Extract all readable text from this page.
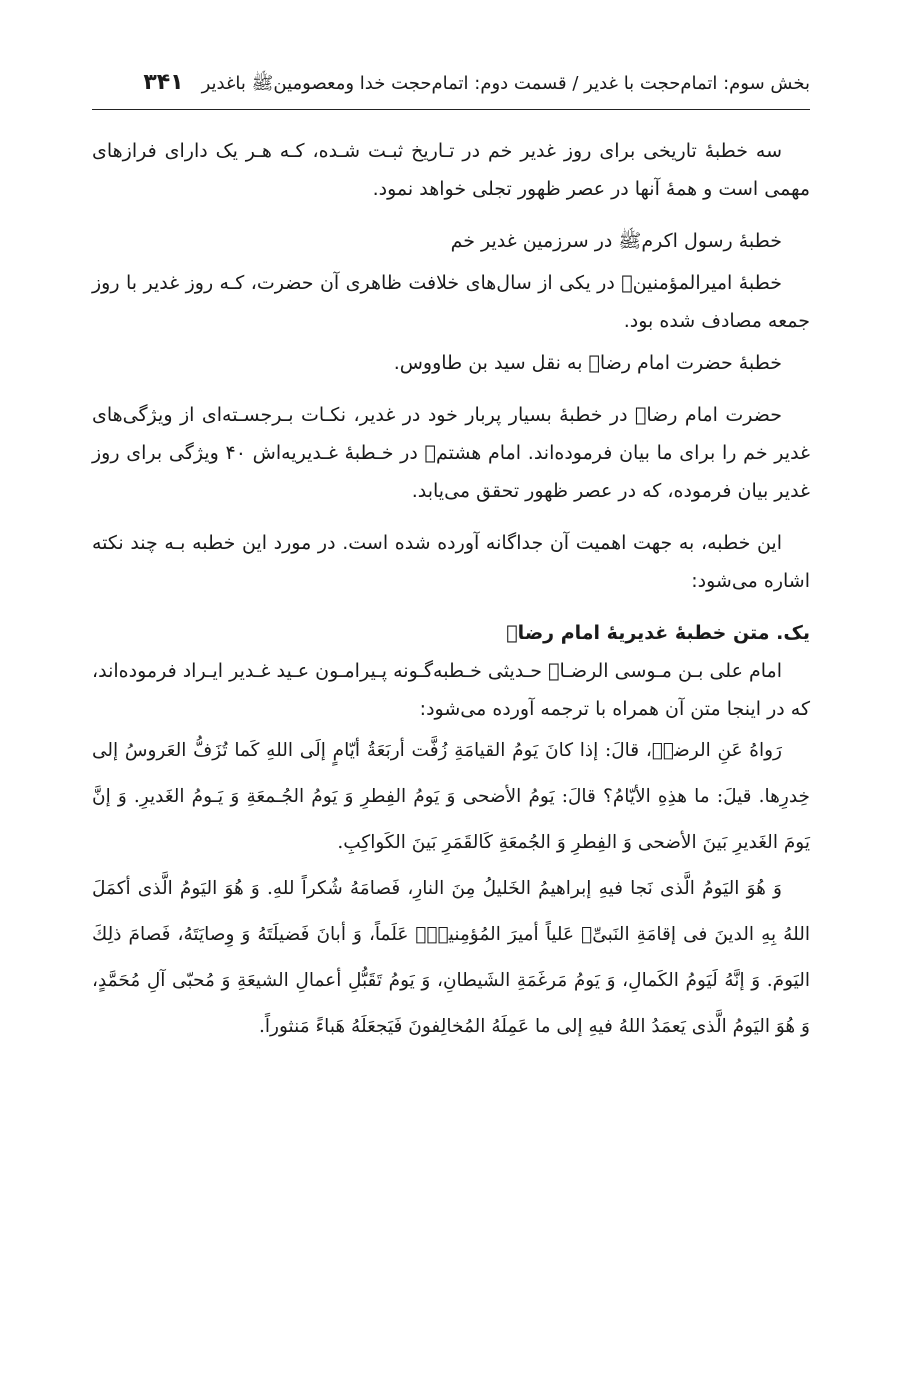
بخش سوم: اتمام‌حجت با غدیر / قسمت دوم: اتمام‌حجت خدا ومعصومینﷺ باغدیر
۳۴۱

سه خطبهٔ تاریخی برای روز غدیر خم در تـاریخ ثبـت شـده، کـه هـر یک دارای فرازهای مهمی است و همهٔ آنها در عصر ظهور تجلی خواهد نمود.

خطبهٔ رسول اکرمﷺ در سرزمین غدیر خم

خطبهٔ امیرالمؤمنینؑ در یکی از سال‌های خلافت ظاهری آن حضرت، کـه روز غدیر با روز جمعه مصادف شده بود.

خطبهٔ حضرت امام رضاؑ به نقل سید بن طاووس.

حضرت امام رضاؑ در خطبهٔ بسیار پربار خود در غدیر، نکـات بـرجسـته‌ای از ویژگی‌های غدیر خم را برای ما بیان فرموده‌اند. امام هشتمؑ در خـطبهٔ غـدیریه‌اش ۴۰ ویژگی برای روز غدیر بیان فرموده، که در عصر ظهور تحقق می‌یابد.

این خطبه، به جهت اهمیت آن جداگانه آورده شده است. در مورد این خطبه بـه چند نکته اشاره می‌شود:

یک. متن خطبهٔ غدیریهٔ امام رضاؑ

امام علی بـن مـوسی الرضـاؑ حـدیثی خـطبه‌گـونه پـیرامـون عـید غـدیر ایـراد فرموده‌اند، که در اینجا متن آن همراه با ترجمه آورده می‌شود:

رَواهُ عَنِ الرضاؑ، قالَ: إذا كانَ يَومُ القيامَةِ زُفَّت أربَعَةُ أيّامٍ إلَى اللهِ كَما تُزَفُّ العَروسُ إلى خِدرِها. قيلَ: ما هذِهِ الأيّامُ؟ قالَ: يَومُ الأضحى وَ يَومُ الفِطرِ وَ يَومُ الجُـمعَةِ وَ يَـومُ الغَديرِ. وَ إنَّ يَومَ الغَديرِ بَينَ الأضحى وَ الفِطرِ وَ الجُمعَةِ كَالقَمَرِ بَينَ الكَواكِبِ.

وَ هُوَ اليَومُ الَّذی نَجا فيهِ إبراهيمُ الخَليلُ مِنَ النارِ، فَصامَهُ شُكراً للهِ. وَ هُوَ اليَومُ الَّذی أكمَلَ اللهُ بِهِ الدينَ فی إقامَةِ النَبیِّﷺ عَلياً أميرَ المُؤمِنينَؑ عَلَماً، وَ أبانَ فَضيلَتَهُ وَ وِصايَتَهُ، فَصامَ ذلِكَ اليَومَ. وَ إنَّهُ لَيَومُ الكَمالِ، وَ يَومُ مَرغَمَةِ الشَيطانِ، وَ يَومُ تَقَبُّلِ أعمالِ الشيعَةِ وَ مُحبّی آلِ مُحَمَّدٍ، وَ هُوَ اليَومُ الَّذی يَعمَدُ اللهُ فيهِ إلى ما عَمِلَهُ المُخالِفونَ فَيَجعَلَهُ هَباءً مَنثوراً.
